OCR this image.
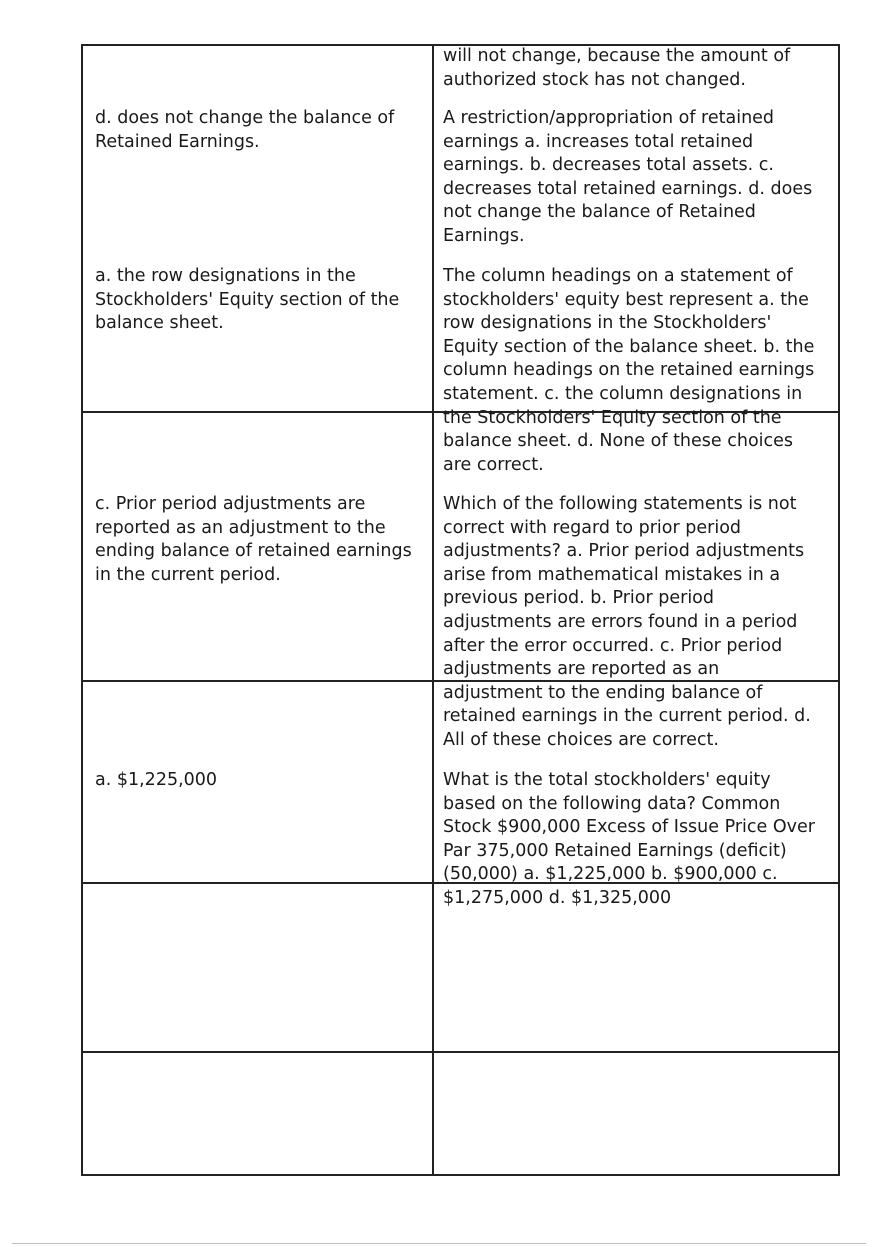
will not change, because the amount of
authorized stock has not changed.

d. does not change the balance of
Retained Earnings.

A restriction/appropriation of retained
earnings a. increases total retained
earnings. b. decreases total assets. c.
decreases total retained earnings. d. does
not change the balance of Retained
Earnings.

a. the row designations in the
Stockholders' Equity section of the
balance sheet.

The column headings on a statement of
stockholders' equity best represent a. the
row designations in the Stockholders'
Equity section of the balance sheet. b. the
column headings on the retained earnings
statement. c. the column designations in
the Stockholders' Equity section of the
balance sheet. d. None of these choices
are correct.

c. Prior period adjustments are
reported as an adjustment to the
ending balance of retained earnings
in the current period.

Which of the following statements is not
correct with regard to prior period
adjustments? a. Prior period adjustments
arise from mathematical mistakes in a
previous period. b. Prior period
adjustments are errors found in a period
after the error occurred. c. Prior period
adjustments are reported as an
adjustment to the ending balance of
retained earnings in the current period. d.
All of these choices are correct.

a. $1,225,000	What is the total stockholders' equity
based on the following data? Common
Stock $900,000 Excess of Issue Price Over
Par 375,000 Retained Earnings (deficit)
(50,000) a. $1,225,000 b. $900,000 c.
$1,275,000 d. $1,325,000
